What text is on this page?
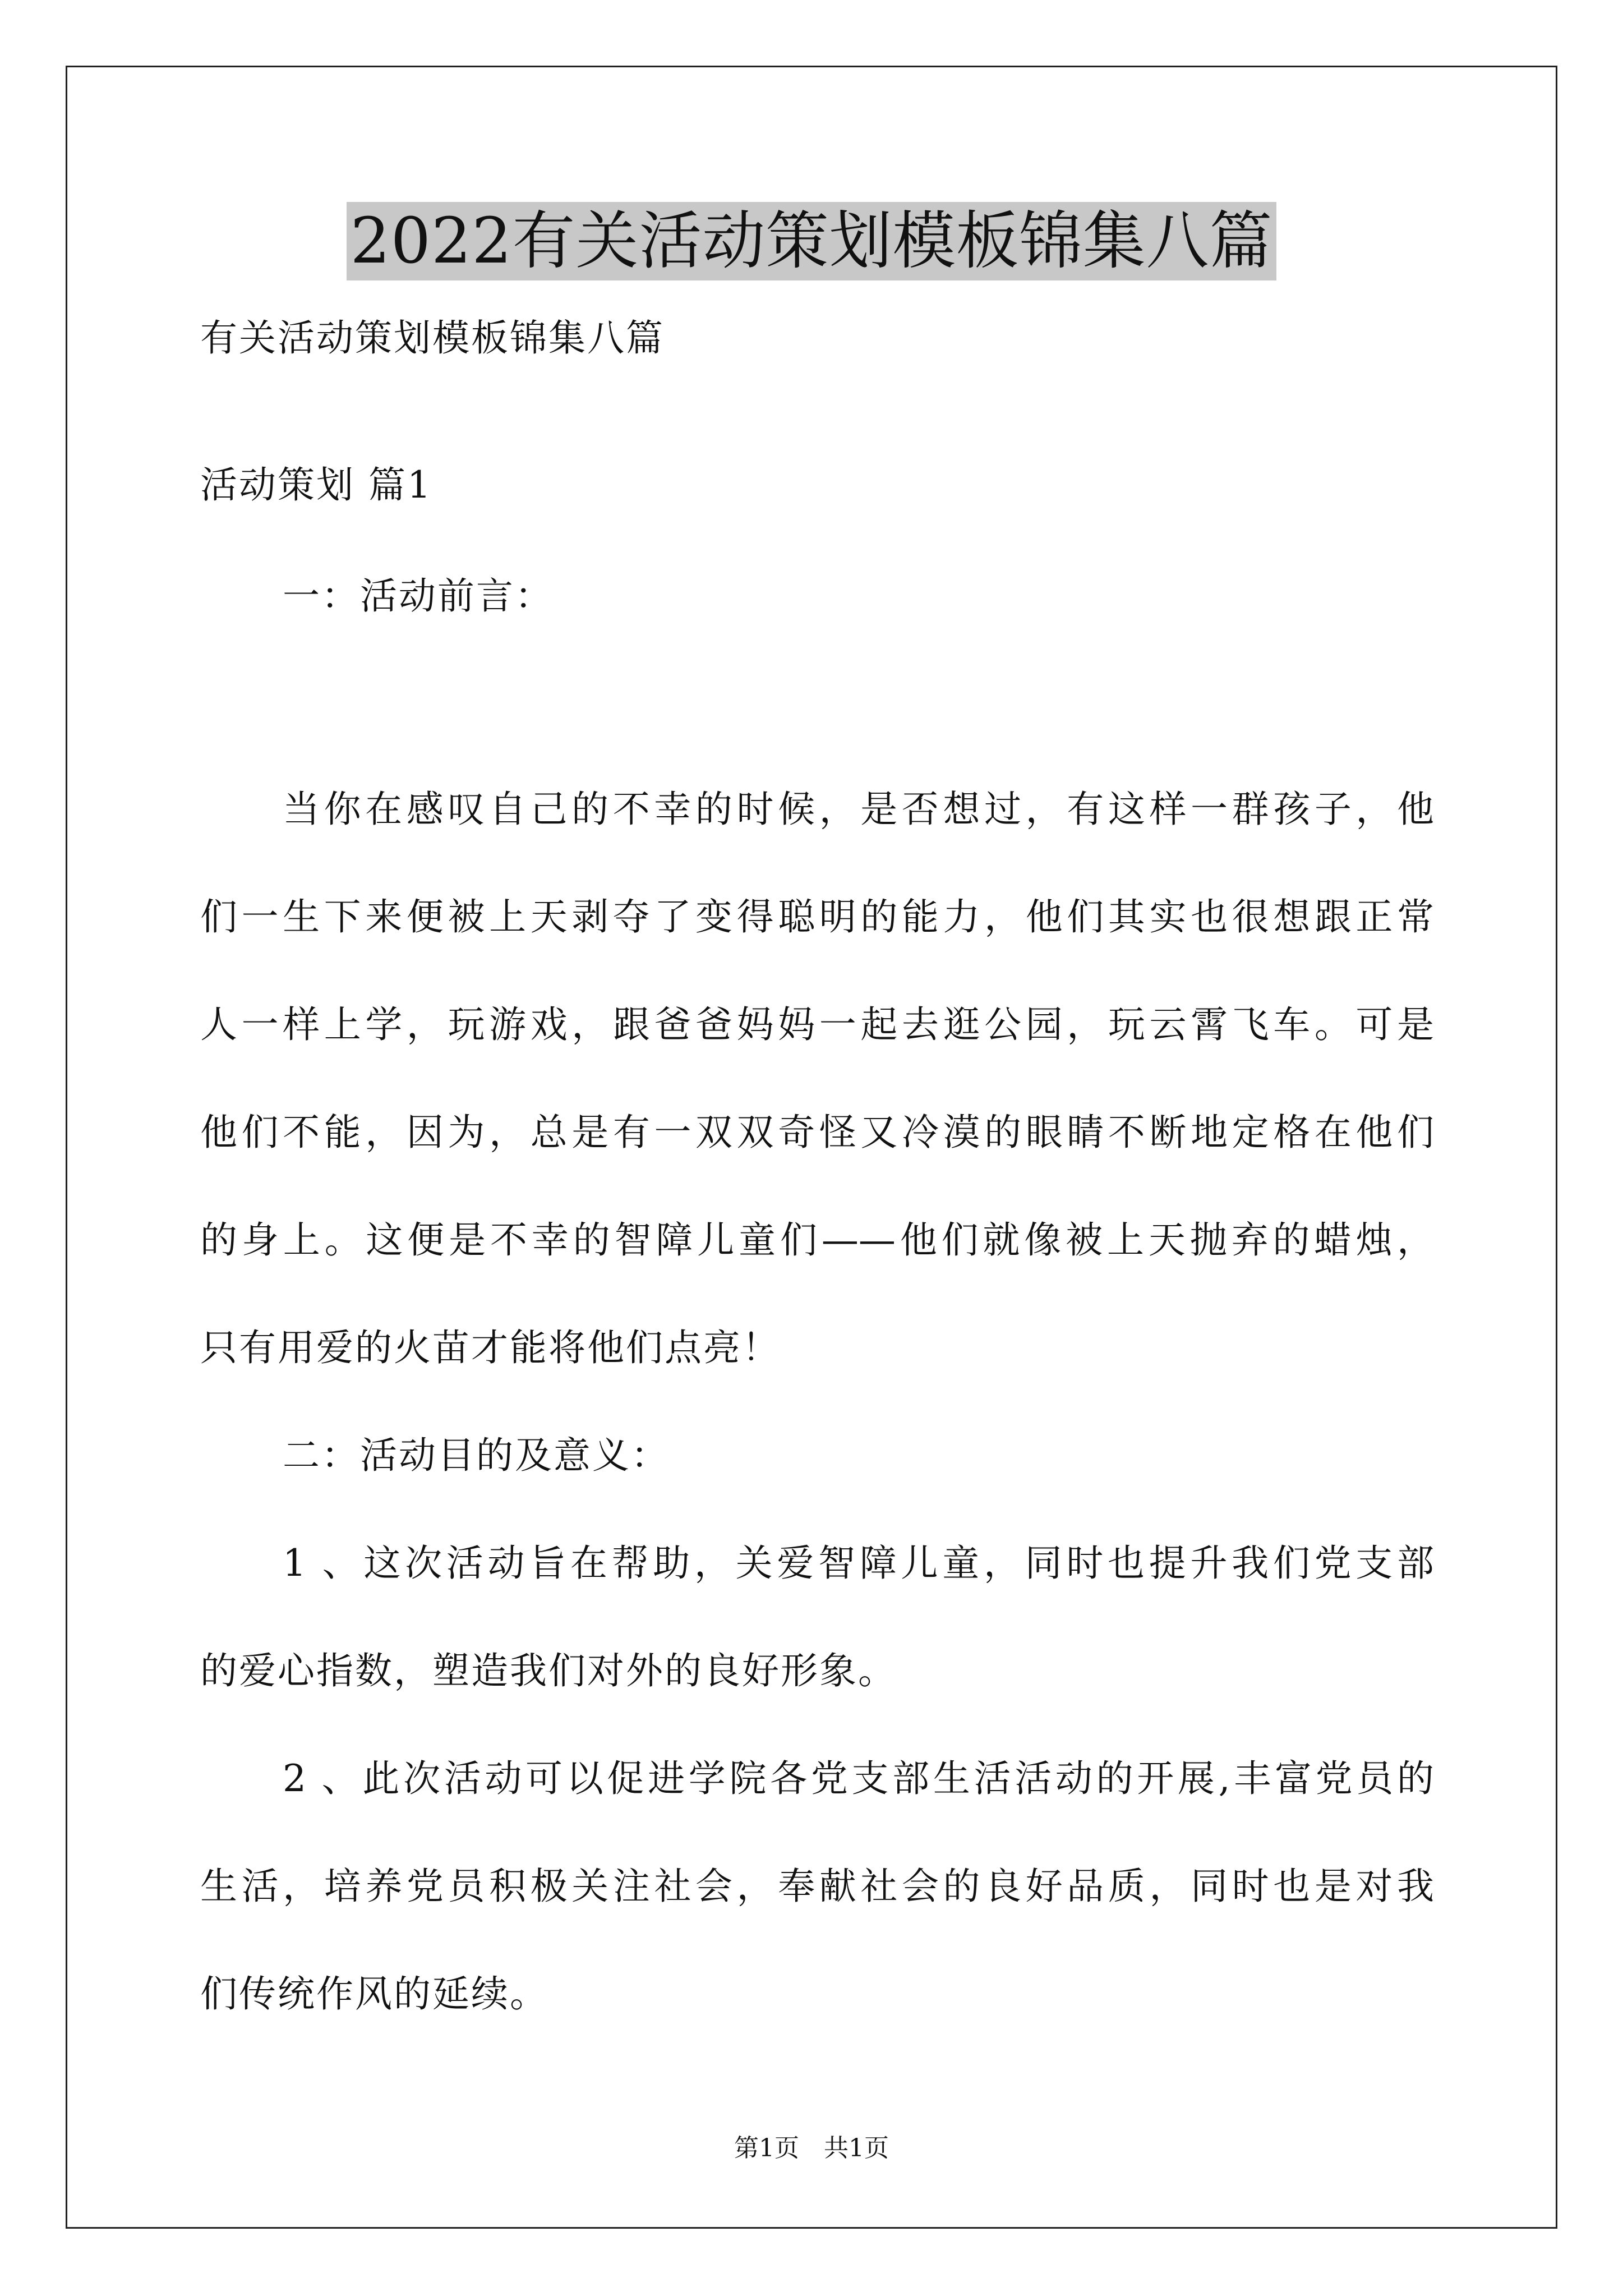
2022有关活动策划模板锦集八篇
有关活动策划模板锦集八篇
活动策划 篇1
一：活动前言：
当你在感叹自己的不幸的时候，是否想过，有这样一群孩子，他
们一生下来便被上天剥夺了变得聪明的能力，他们其实也很想跟正常
人一样上学，玩游戏，跟爸爸妈妈一起去逛公园，玩云霄飞车。可是
他们不能，因为，总是有一双双奇怪又冷漠的眼睛不断地定格在他们
的身上。这便是不幸的智障儿童们——他们就像被上天抛弃的蜡烛，
只有用爱的火苗才能将他们点亮！
二：活动目的及意义：
1 、这次活动旨在帮助，关爱智障儿童，同时也提升我们党支部
的爱心指数，塑造我们对外的良好形象。
2 、此次活动可以促进学院各党支部生活活动的开展,丰富党员的
生活，培养党员积极关注社会，奉献社会的良好品质，同时也是对我
们传统作风的延续。
第1页　共1页
